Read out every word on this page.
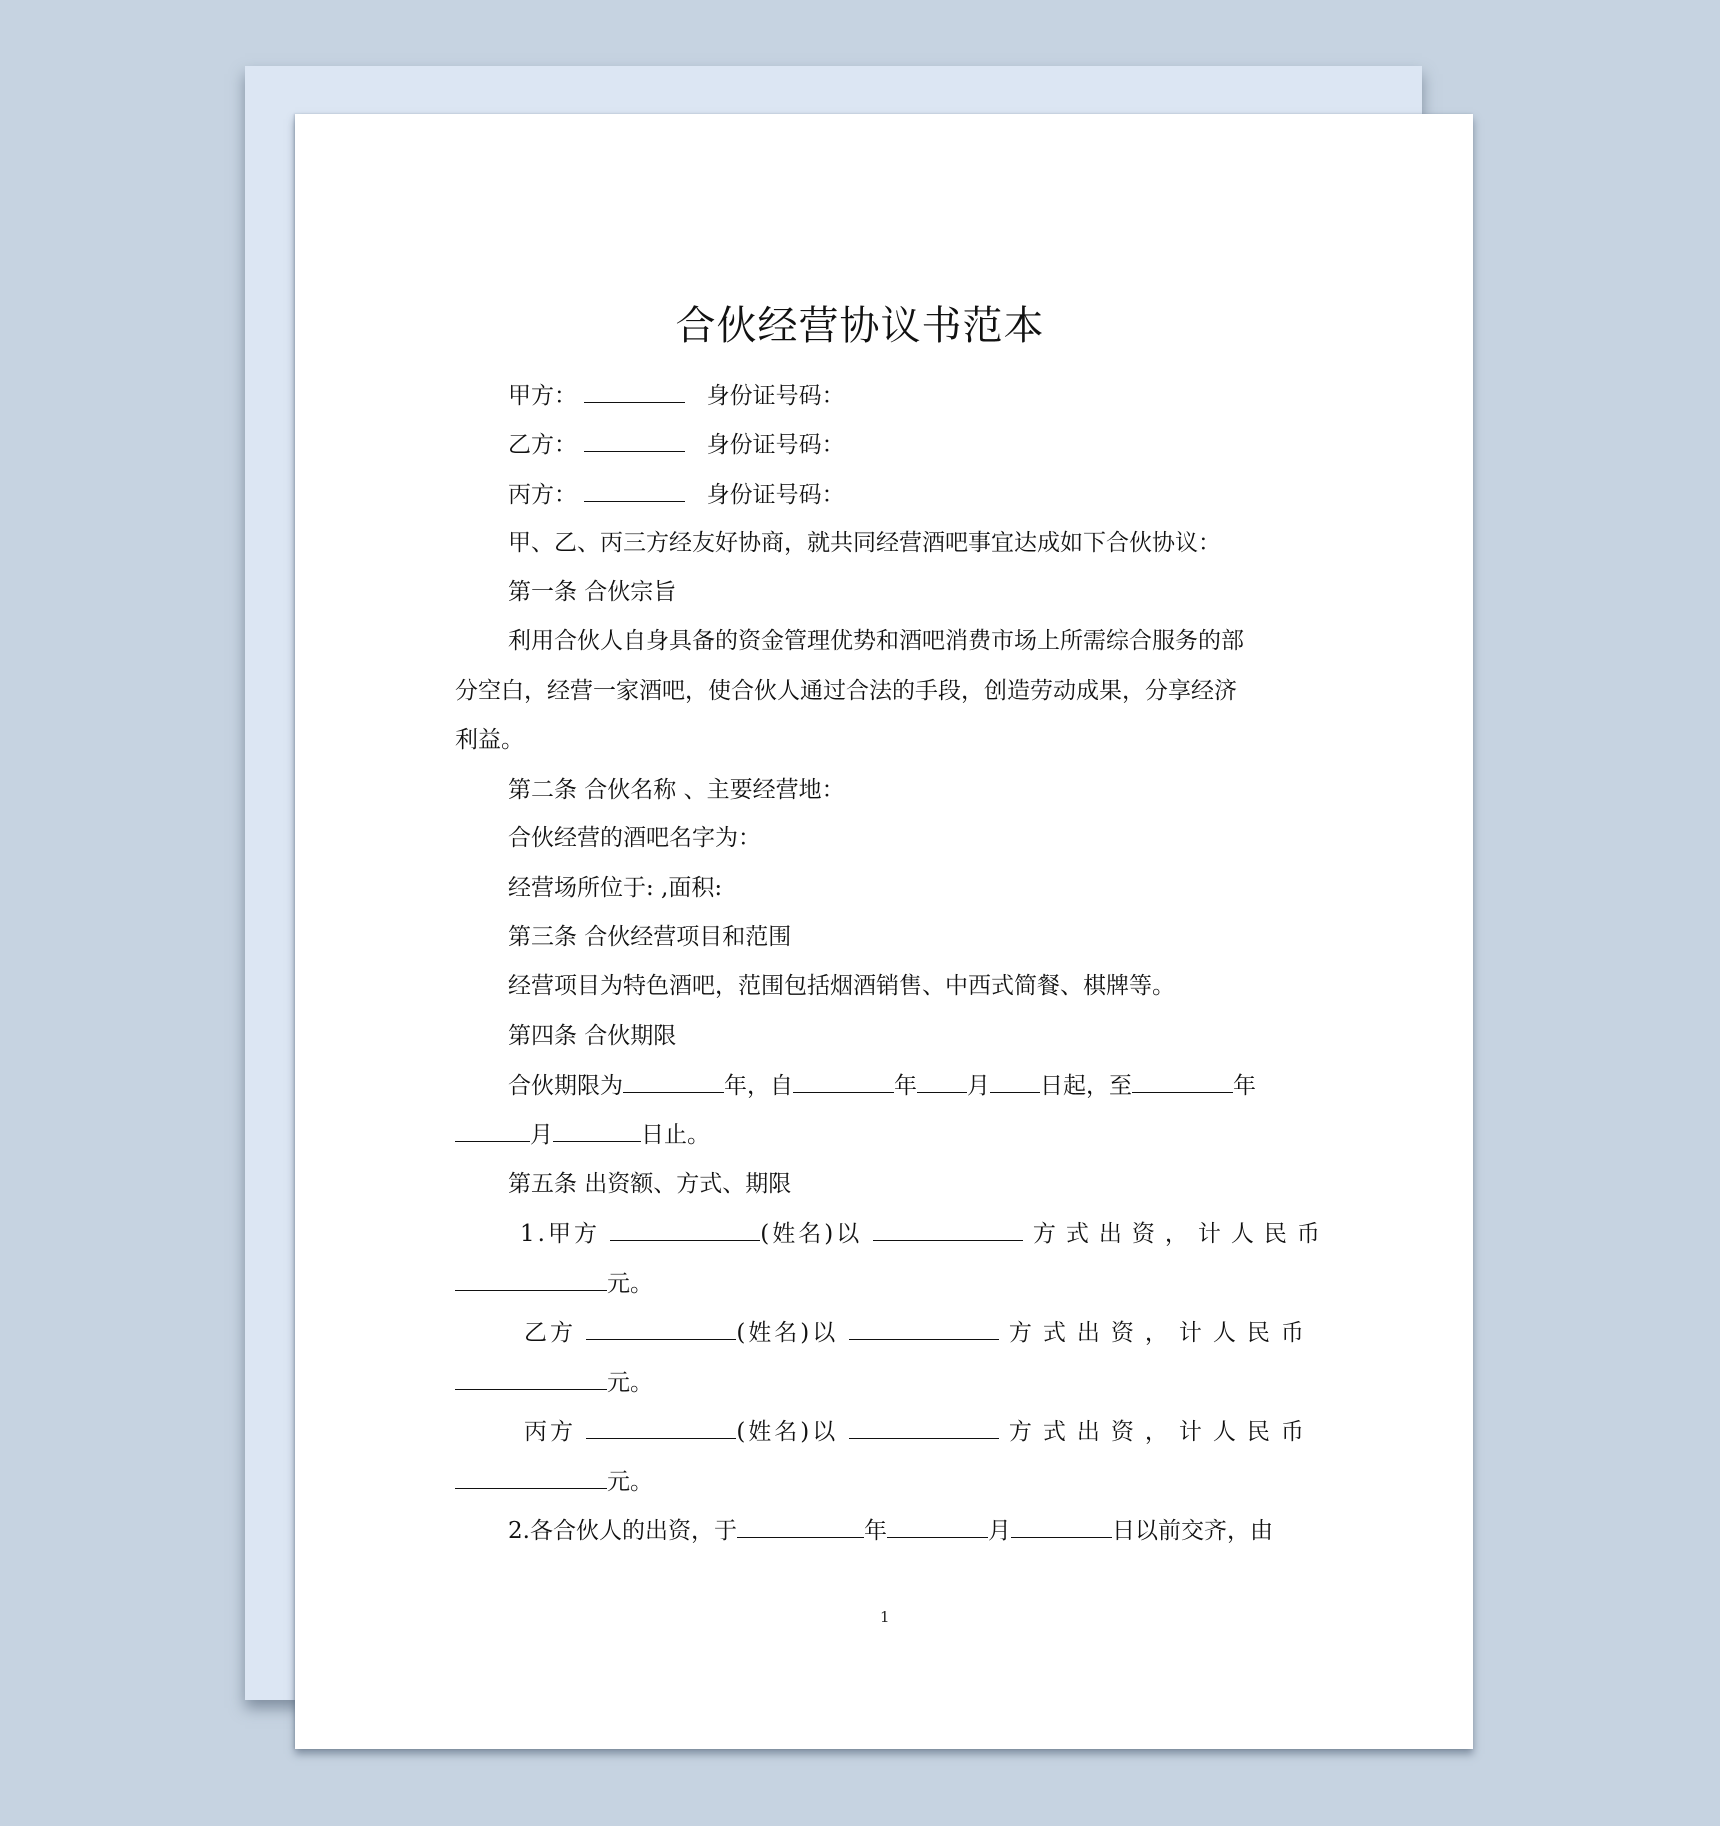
合伙经营协议书范本
甲方：	身份证号码：
乙方：	身份证号码：
丙方：	身份证号码：
甲、乙、丙三方经友好协商，就共同经营酒吧事宜达成如下合伙协议：
第一条 合伙宗旨
利用合伙人自身具备的资金管理优势和酒吧消费市场上所需综合服务的部
分空白，经营一家酒吧，使合伙人通过合法的手段，创造劳动成果，分享经济
利益。
第二条 合伙名称 、主要经营地：
合伙经营的酒吧名字为：
经营场所位于: ,面积:
第三条 合伙经营项目和范围
经营项目为特色酒吧，范围包括烟酒销售、中西式简餐、棋牌等。
第四条 合伙期限
合伙期限为	年，自	年 月 日起，至	年
月	日止。
第五条 出资额、方式、期限
1.甲方	(姓名)以	方式出资，计人民币
元。
乙方	(姓名)以	方式出资，计人民币
元。
丙方	(姓名)以	方式出资，计人民币
元。
2.各合伙人的出资，于	年	月	日以前交齐，由
1
